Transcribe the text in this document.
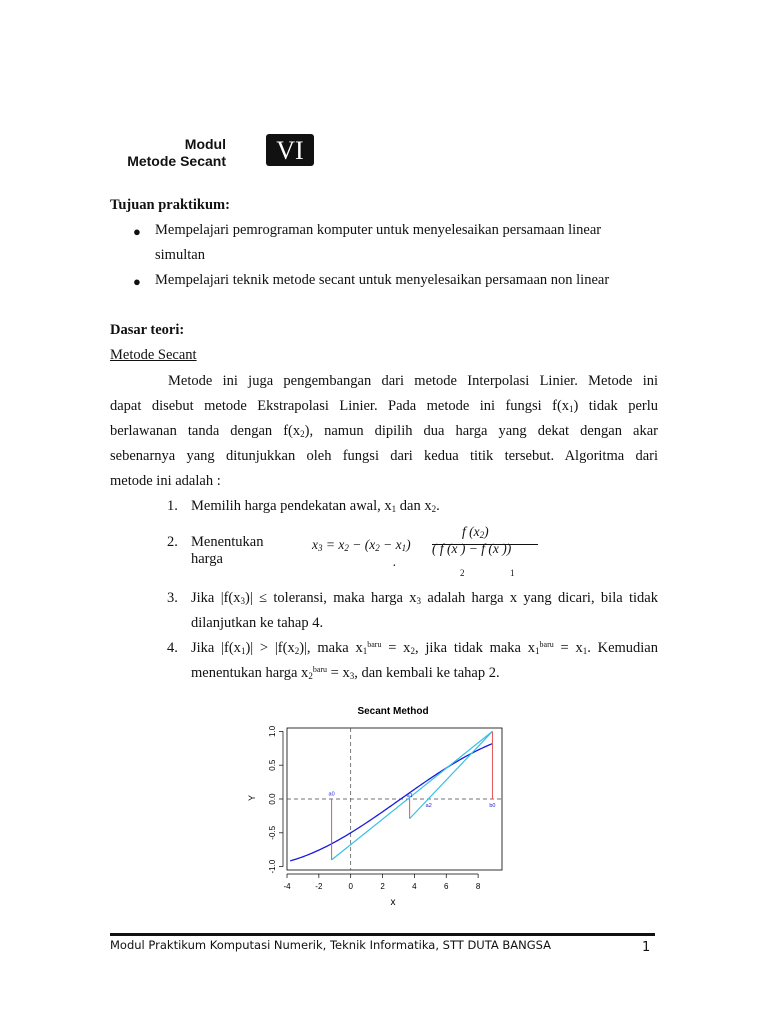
Modul
Metode Secant	VI
Tujuan praktikum:
● Mempelajari pemrograman komputer untuk menyelesaikan persamaan linear
simultan
● Mempelajari teknik metode secant untuk menyelesaikan persamaan non linear
Dasar teori:
Metode Secant
Metode ini juga pengembangan dari metode Interpolasi Linier. Metode ini
dapat disebut metode Ekstrapolasi Linier. Pada metode ini fungsi $f(x_1)$ tidak perlu
berlawanan tanda dengan $f(x_2)$, namun dipilih dua harga yang dekat dengan akar
sebenarnya yang ditunjukkan oleh fungsi dari kedua titik tersebut. Algoritma dari
metode ini adalah :
1. Memilih harga pendekatan awal, $x_1$ dan $x_2$.
2. Menentukan
harga
$x_3 = x_2 - (x_2 - x_1)$
f $(x_2)$
( f (x ) − f (x ))
.
2	1
3. Jika $|f(x_3)|$ ≤ toleransi, maka harga $x_3$ adalah harga x yang dicari, bila tidak
dilanjutkan ke tahap 4.
4. Jika $|f(x_1)| > |f(x_2)|$, maka $x_1^{baru} = x_2$, jika tidak maka $x_1^{baru} = x_1$. Kemudian
menentukan harga $x_2^{baru} = x_3$, dan kembali ke tahap 2.
Secant Method
-4	-2	0	2	4	6	8
-1.0
-0.5
0.0
0.5
1.0
a0	a1
a2	b0
x
Y
Modul Praktikum Komputasi Numerik, Teknik Informatika, STT DUTA BANGSA	1
